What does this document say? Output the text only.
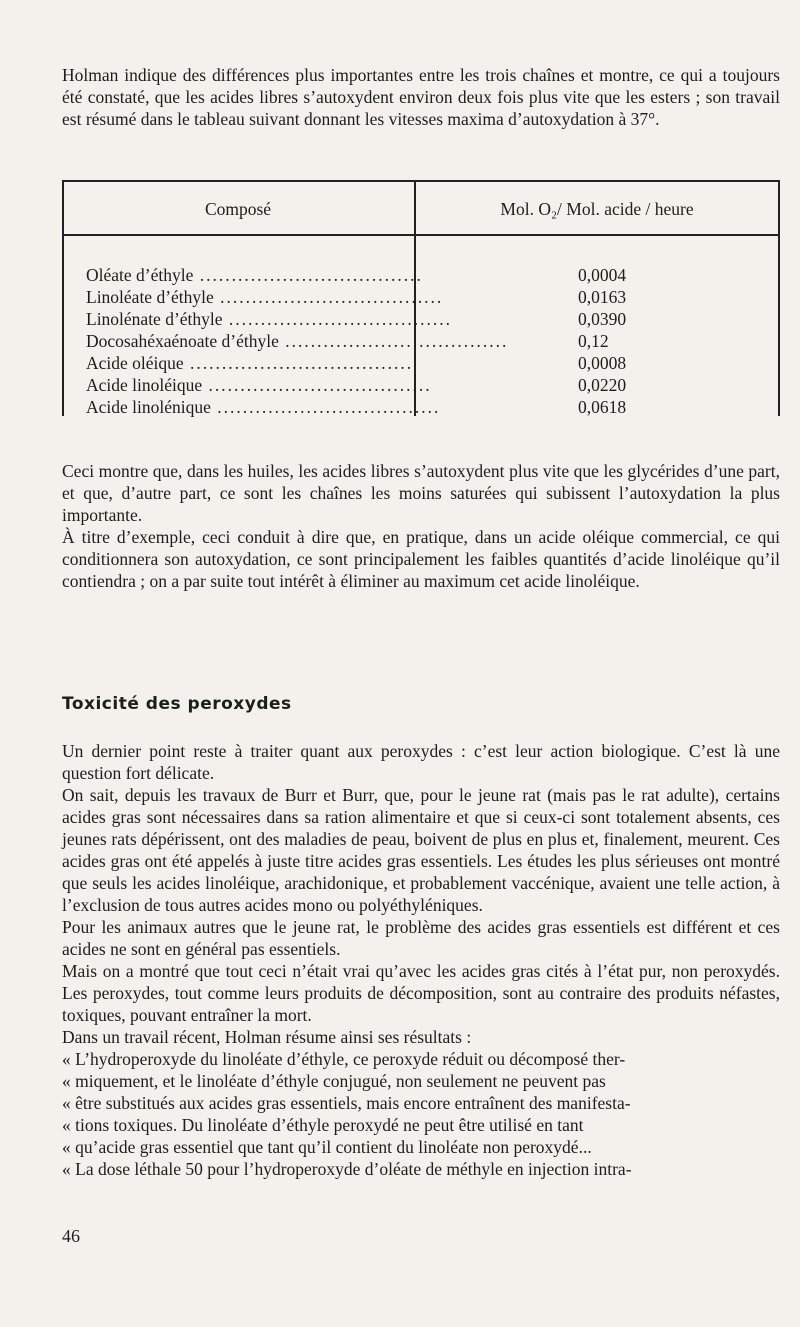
Holman indique des différences plus importantes entre les trois chaînes et montre, ce qui a toujours été constaté, que les acides libres s’autoxydent environ deux fois plus vite que les esters ; son travail est résumé dans le tableau suivant donnant les vitesses maxima d’autoxydation à 37°.

Composé	Mol. O₂/ Mol. acide / heure
Oléate d’éthyle ...................................	0,0004
Linoléate d’éthyle ...................................	0,0163
Linolénate d’éthyle ...................................	0,0390
Docosahéxaénoate d’éthyle ...................................	0,12
Acide oléique ...................................	0,0008
Acide linoléique ...................................	0,0220
Acide linolénique ...................................	0,0618

Ceci montre que, dans les huiles, les acides libres s’autoxydent plus vite que les glycérides d’une part, et que, d’autre part, ce sont les chaînes les moins saturées qui subissent l’autoxydation la plus importante.

À titre d’exemple, ceci conduit à dire que, en pratique, dans un acide oléique commercial, ce qui conditionnera son autoxydation, ce sont principalement les faibles quantités d’acide linoléique qu’il contiendra ; on a par suite tout intérêt à éliminer au maximum cet acide linoléique.

Toxicité des peroxydes

Un dernier point reste à traiter quant aux peroxydes : c’est leur action biologique. C’est là une question fort délicate.

On sait, depuis les travaux de Burr et Burr, que, pour le jeune rat (mais pas le rat adulte), certains acides gras sont nécessaires dans sa ration alimentaire et que si ceux-ci sont totalement absents, ces jeunes rats dépérissent, ont des maladies de peau, boivent de plus en plus et, finalement, meurent. Ces acides gras ont été appelés à juste titre acides gras essentiels. Les études les plus sérieuses ont montré que seuls les acides linoléique, arachidonique, et probablement vaccénique, avaient une telle action, à l’exclusion de tous autres acides mono ou polyéthyléniques.

Pour les animaux autres que le jeune rat, le problème des acides gras essentiels est différent et ces acides ne sont en général pas essentiels.

Mais on a montré que tout ceci n’était vrai qu’avec les acides gras cités à l’état pur, non peroxydés. Les peroxydes, tout comme leurs produits de décomposition, sont au contraire des produits néfastes, toxiques, pouvant entraîner la mort.

Dans un travail récent, Holman résume ainsi ses résultats :

« L’hydroperoxyde du linoléate d’éthyle, ce peroxyde réduit ou décomposé ther-

« miquement, et le linoléate d’éthyle conjugué, non seulement ne peuvent pas

« être substitués aux acides gras essentiels, mais encore entraînent des manifesta-

« tions toxiques. Du linoléate d’éthyle peroxydé ne peut être utilisé en tant

« qu’acide gras essentiel que tant qu’il contient du linoléate non peroxydé...

« La dose léthale 50 pour l’hydroperoxyde d’oléate de méthyle en injection intra-

46
